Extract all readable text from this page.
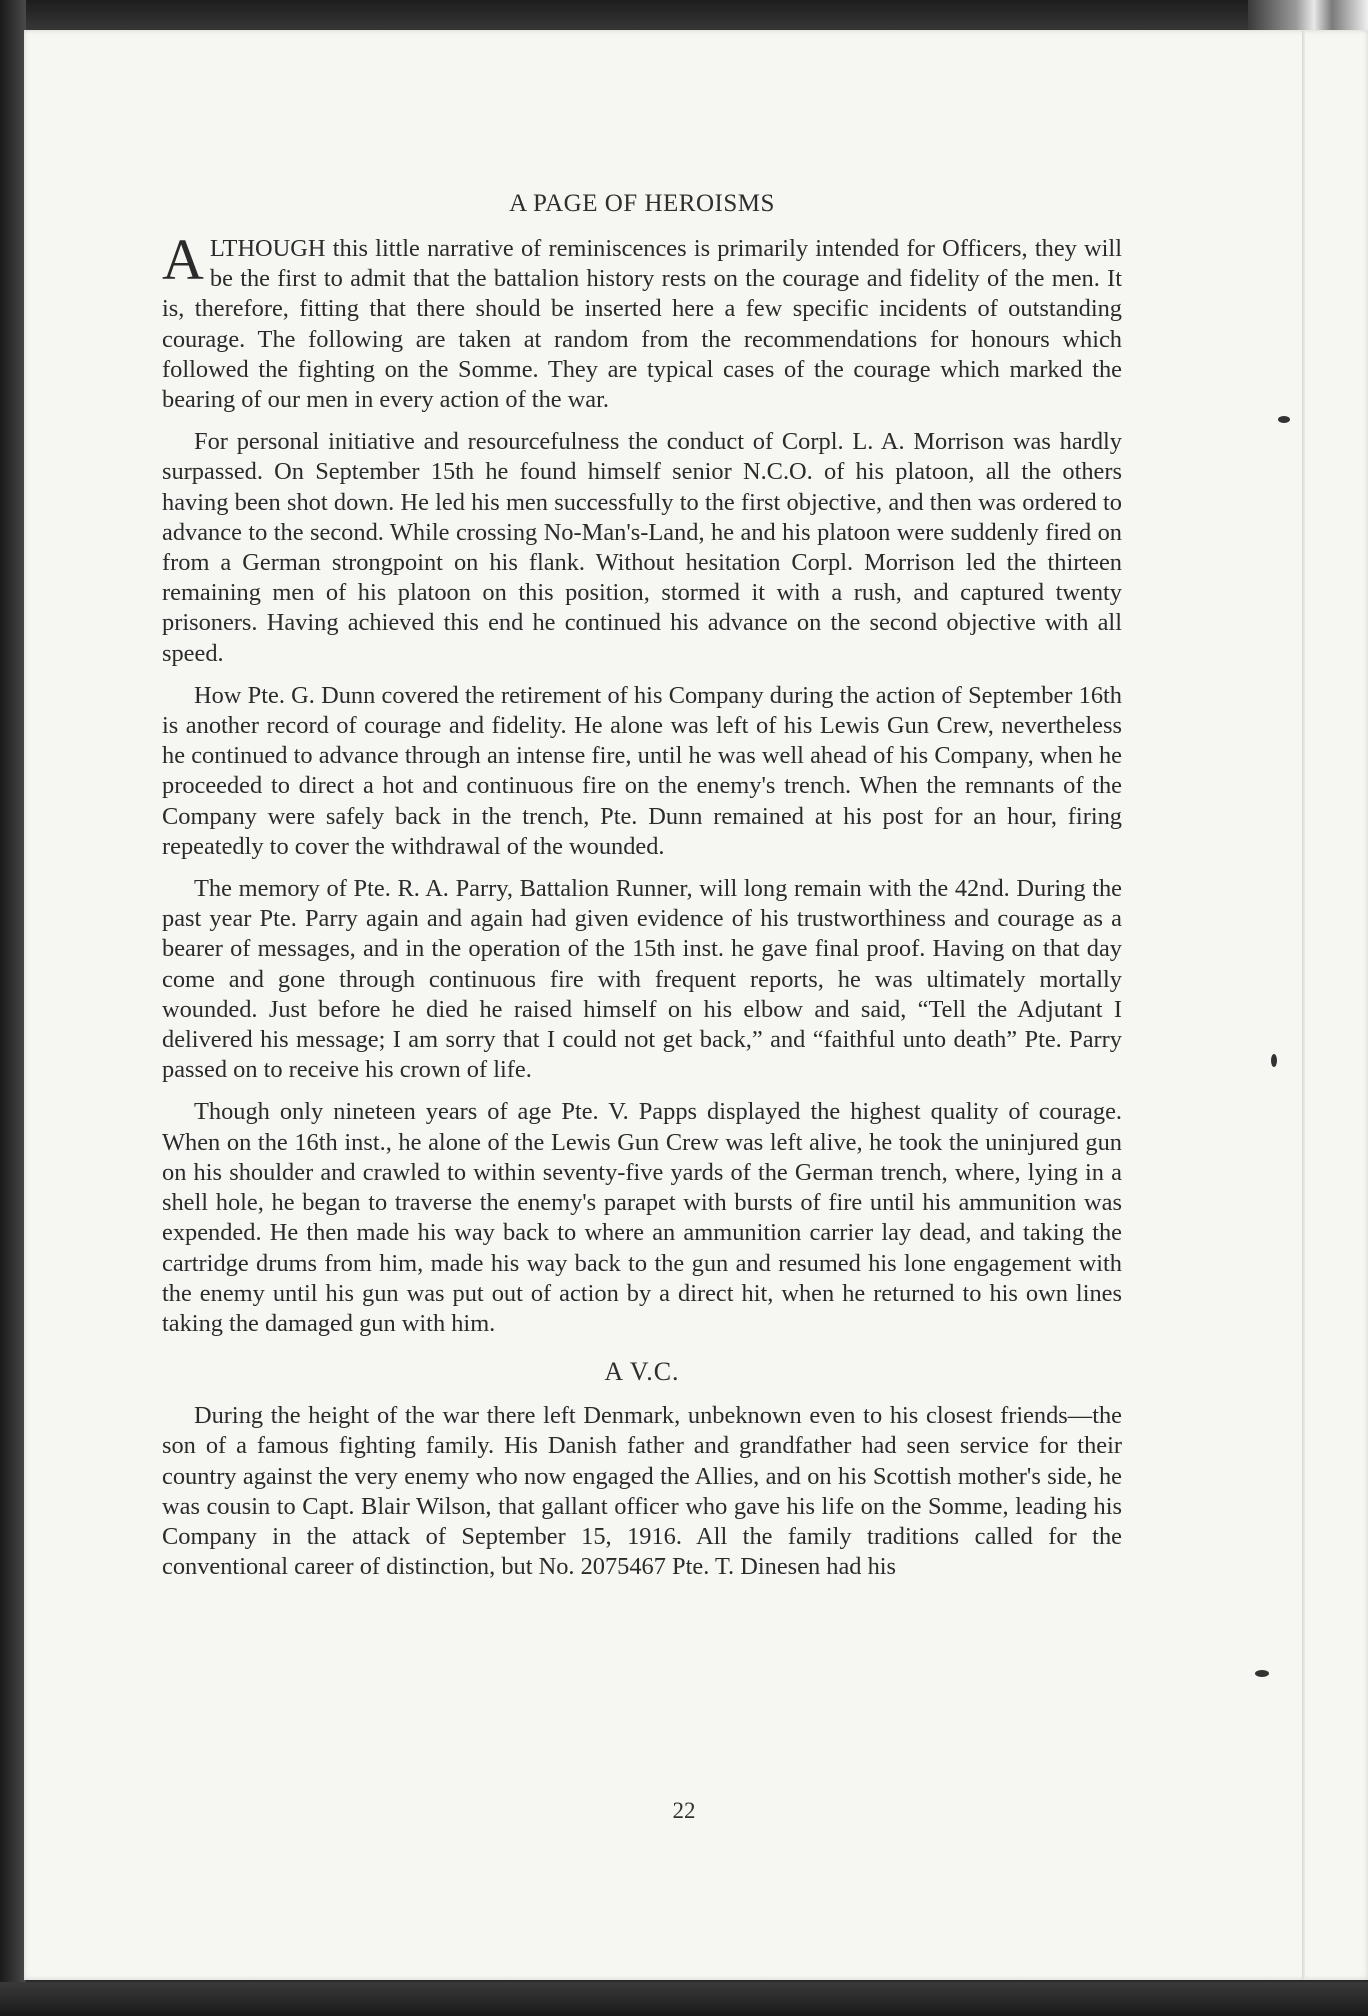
A PAGE OF HEROISMS

ALTHOUGH this little narrative of reminiscences is primarily intended for Officers, they will be the first to admit that the battalion history rests on the courage and fidelity of the men. It is, therefore, fitting that there should be inserted here a few specific incidents of outstanding courage. The following are taken at random from the recommendations for honours which followed the fighting on the Somme. They are typical cases of the courage which marked the bearing of our men in every action of the war.

For personal initiative and resourcefulness the conduct of Corpl. L. A. Morrison was hardly surpassed. On September 15th he found himself senior N.C.O. of his platoon, all the others having been shot down. He led his men successfully to the first objective, and then was ordered to advance to the second. While crossing No-Man's-Land, he and his platoon were suddenly fired on from a German strongpoint on his flank. Without hesitation Corpl. Morrison led the thirteen remaining men of his platoon on this position, stormed it with a rush, and captured twenty prisoners. Having achieved this end he continued his advance on the second objective with all speed.

How Pte. G. Dunn covered the retirement of his Company during the action of September 16th is another record of courage and fidelity. He alone was left of his Lewis Gun Crew, nevertheless he continued to advance through an intense fire, until he was well ahead of his Company, when he proceeded to direct a hot and continuous fire on the enemy's trench. When the remnants of the Company were safely back in the trench, Pte. Dunn remained at his post for an hour, firing repeatedly to cover the withdrawal of the wounded.

The memory of Pte. R. A. Parry, Battalion Runner, will long remain with the 42nd. During the past year Pte. Parry again and again had given evidence of his trustworthiness and courage as a bearer of messages, and in the operation of the 15th inst. he gave final proof. Having on that day come and gone through continuous fire with frequent reports, he was ultimately mortally wounded. Just before he died he raised himself on his elbow and said, “Tell the Adjutant I delivered his message; I am sorry that I could not get back,” and “faithful unto death” Pte. Parry passed on to receive his crown of life.

Though only nineteen years of age Pte. V. Papps displayed the highest quality of courage. When on the 16th inst., he alone of the Lewis Gun Crew was left alive, he took the uninjured gun on his shoulder and crawled to within seventy-five yards of the German trench, where, lying in a shell hole, he began to traverse the enemy's parapet with bursts of fire until his ammunition was expended. He then made his way back to where an ammunition carrier lay dead, and taking the cartridge drums from him, made his way back to the gun and resumed his lone engagement with the enemy until his gun was put out of action by a direct hit, when he returned to his own lines taking the damaged gun with him.

A V.C.

During the height of the war there left Denmark, unbeknown even to his closest friends—the son of a famous fighting family. His Danish father and grandfather had seen service for their country against the very enemy who now engaged the Allies, and on his Scottish mother's side, he was cousin to Capt. Blair Wilson, that gallant officer who gave his life on the Somme, leading his Company in the attack of September 15, 1916. All the family traditions called for the conventional career of distinction, but No. 2075467 Pte. T. Dinesen had his

22
